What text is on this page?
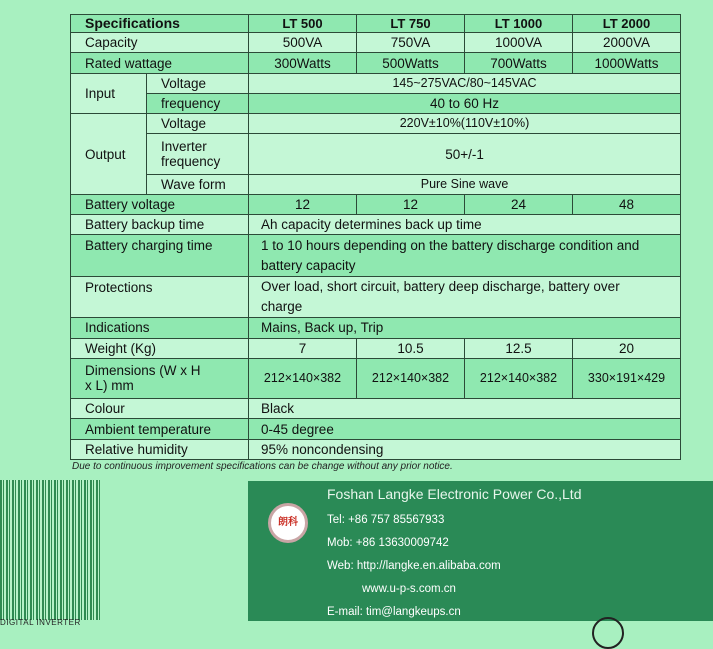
Specifications		LT 500	LT 750	LT 1000	LT 2000
Capacity		500VA	750VA	1000VA	2000VA
Rated wattage		300Watts	500Watts	700Watts	1000Watts
Input	Voltage	145~275VAC/80~145VAC			
	frequency	40 to 60 Hz			
Output	Voltage	220V±10%(110V±10%)			
	Inverter frequency	50+/-1			
	Wave form	Pure Sine wave			
Battery voltage		12	12	24	48
Battery backup time		Ah capacity determines back up time			
Battery charging time		1 to 10 hours depending on the battery discharge condition and battery capacity			
Protections		Over load, short circuit, battery deep discharge, battery over charge			
Indications		Mains, Back up, Trip			
Weight (Kg)		7	10.5	12.5	20
Dimensions (W x H x L) mm		212×140×382	212×140×382	212×140×382	330×191×429
Colour		Black			
Ambient temperature		0-45 degree			
Relative humidity		95% noncondensing			
Due to continuous improvement specifications can be change without any prior notice.
DIGITAL INVERTER
朗科
Foshan Langke Electronic Power Co.,Ltd
Tel: +86 757 85567933
Mob: +86 13630009742
Web: http://langke.en.alibaba.com
www.u-p-s.com.cn
E-mail: tim@langkeups.cn
